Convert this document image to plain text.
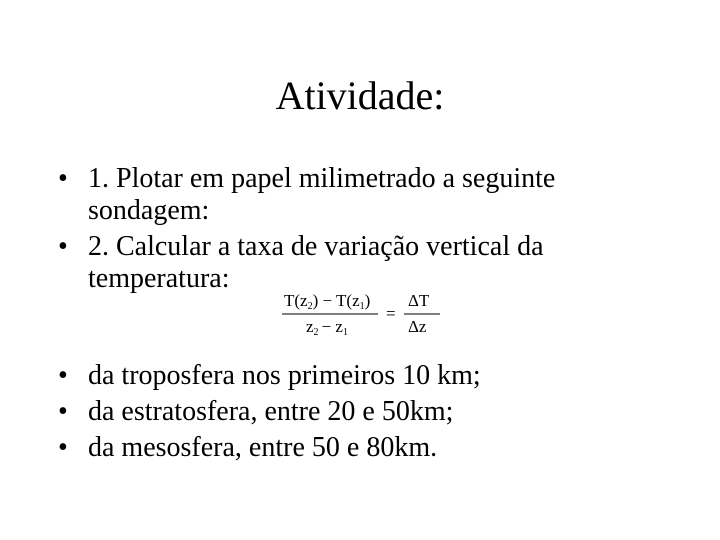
Atividade:
• 1. Plotar em papel milimetrado a seguinte
sondagem:
• 2. Calcular a taxa de variação vertical da
temperatura:
T(z2) − T(z1)
z2 − z1
=
ΔT
Δz
• da troposfera nos primeiros 10 km;
• da estratosfera, entre 20 e 50km;
• da mesosfera, entre 50 e 80km.
